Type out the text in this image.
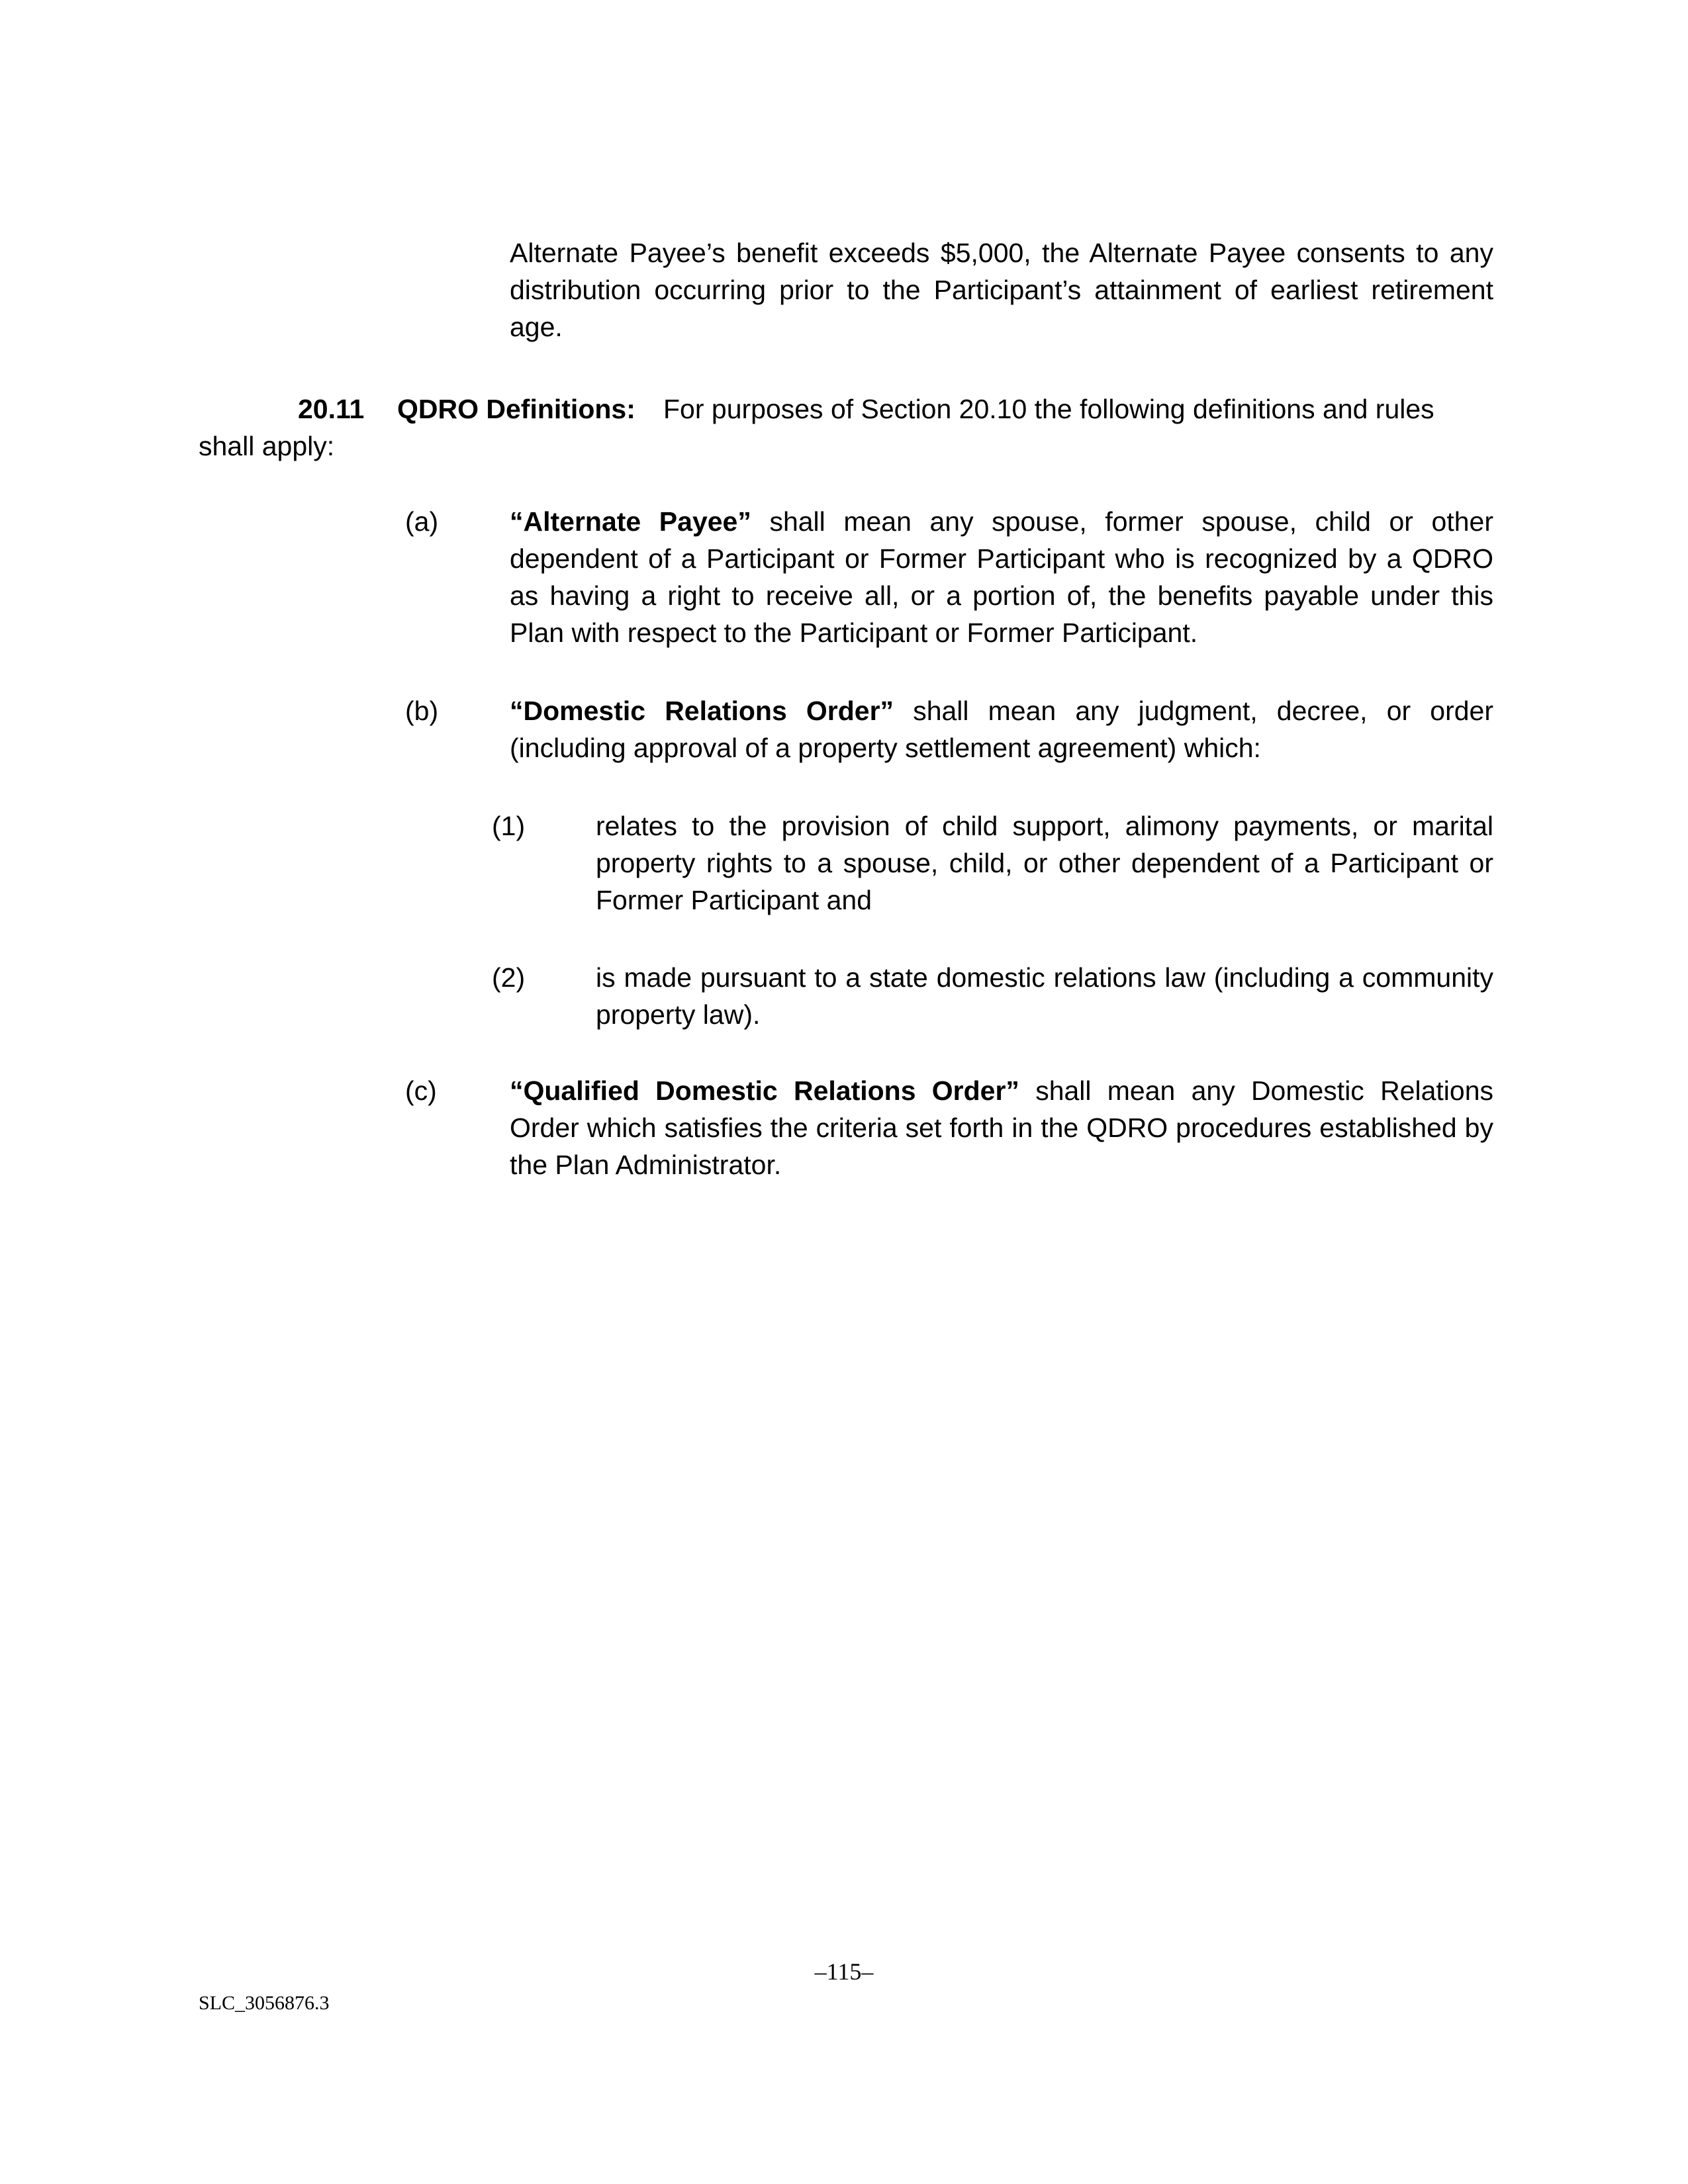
Alternate Payee’s benefit exceeds $5,000, the Alternate Payee consents to any distribution occurring prior to the Participant’s attainment of earliest retirement age.
20.11 QDRO Definitions: For purposes of Section 20.10 the following definitions and rules
shall apply:
(a)	“Alternate Payee” shall mean any spouse, former spouse, child or other dependent of a Participant or Former Participant who is recognized by a QDRO as having a right to receive all, or a portion of, the benefits payable under this Plan with respect to the Participant or Former Participant.
(b)	“Domestic Relations Order” shall mean any judgment, decree, or order (including approval of a property settlement agreement) which:
(1)	relates to the provision of child support, alimony payments, or marital property rights to a spouse, child, or other dependent of a Participant or Former Participant and
(2)	is made pursuant to a state domestic relations law (including a community property law).
(c)	“Qualified Domestic Relations Order” shall mean any Domestic Relations Order which satisfies the criteria set forth in the QDRO procedures established by the Plan Administrator.
–115–
SLC_3056876.3
